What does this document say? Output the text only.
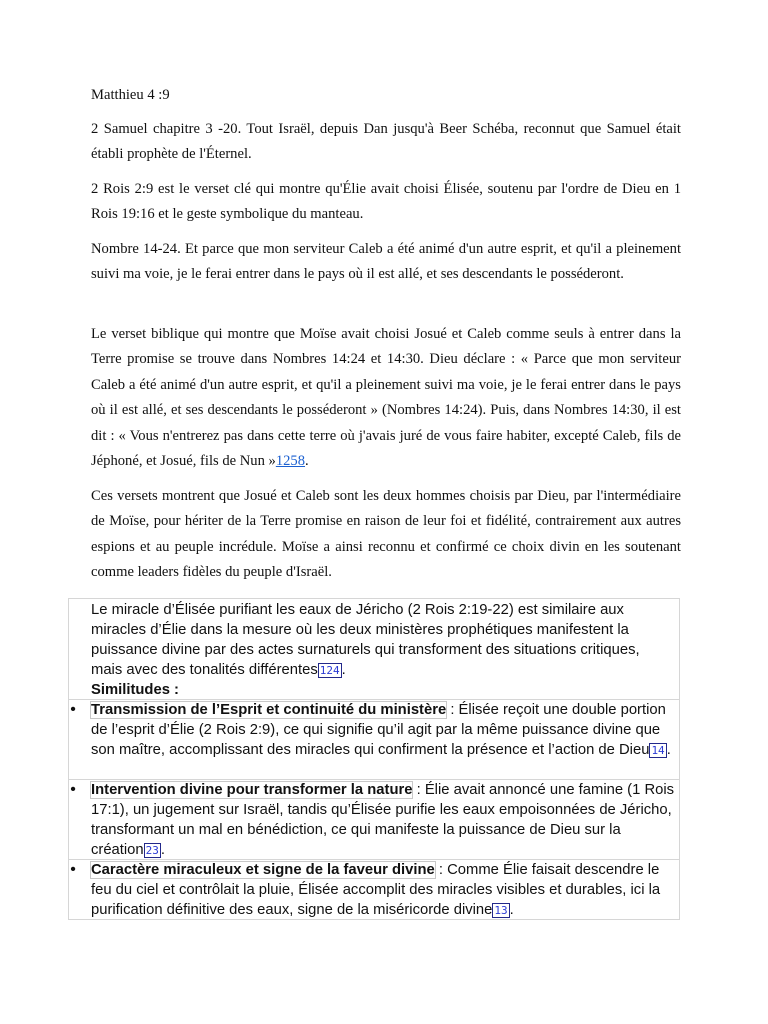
Matthieu 4 :9

2 Samuel chapitre 3 -20. Tout Israël, depuis Dan jusqu'à Beer Schéba, reconnut que Samuel était établi prophète de l'Éternel.

2 Rois 2:9 est le verset clé qui montre qu'Élie avait choisi Élisée, soutenu par l'ordre de Dieu en 1 Rois 19:16 et le geste symbolique du manteau.

Nombre 14-24. Et parce que mon serviteur Caleb a été animé d'un autre esprit, et qu'il a pleinement suivi ma voie, je le ferai entrer dans le pays où il est allé, et ses descendants le posséderont.

Le verset biblique qui montre que Moïse avait choisi Josué et Caleb comme seuls à entrer dans la Terre promise se trouve dans Nombres 14:24 et 14:30. Dieu déclare : « Parce que mon serviteur Caleb a été animé d'un autre esprit, et qu'il a pleinement suivi ma voie, je le ferai entrer dans le pays où il est allé, et ses descendants le posséderont » (Nombres 14:24). Puis, dans Nombres 14:30, il est dit : « Vous n'entrerez pas dans cette terre où j'avais juré de vous faire habiter, excepté Caleb, fils de Jéphoné, et Josué, fils de Nun »1258.

Ces versets montrent que Josué et Caleb sont les deux hommes choisis par Dieu, par l'intermédiaire de Moïse, pour hériter de la Terre promise en raison de leur foi et fidélité, contrairement aux autres espions et au peuple incrédule. Moïse a ainsi reconnu et confirmé ce choix divin en les soutenant comme leaders fidèles du peuple d'Israël.

Le miracle d’Élisée purifiant les eaux de Jéricho (2 Rois 2:19-22) est similaire aux miracles d’Élie dans la mesure où les deux ministères prophétiques manifestent la puissance divine par des actes surnaturels qui transforment des situations critiques, mais avec des tonalités différentes 124 .
Similitudes :
• Transmission de l’Esprit et continuité du ministère : Élisée reçoit une double portion de l’esprit d’Élie (2 Rois 2:9), ce qui signifie qu’il agit par la même puissance divine que son maître, accomplissant des miracles qui confirment la présence et l’action de Dieu 14 .
• Intervention divine pour transformer la nature : Élie avait annoncé une famine (1 Rois 17:1), un jugement sur Israël, tandis qu’Élisée purifie les eaux empoisonnées de Jéricho, transformant un mal en bénédiction, ce qui manifeste la puissance de Dieu sur la création 23 .
• Caractère miraculeux et signe de la faveur divine : Comme Élie faisait descendre le feu du ciel et contrôlait la pluie, Élisée accomplit des miracles visibles et durables, ici la purification définitive des eaux, signe de la miséricorde divine 13 .
